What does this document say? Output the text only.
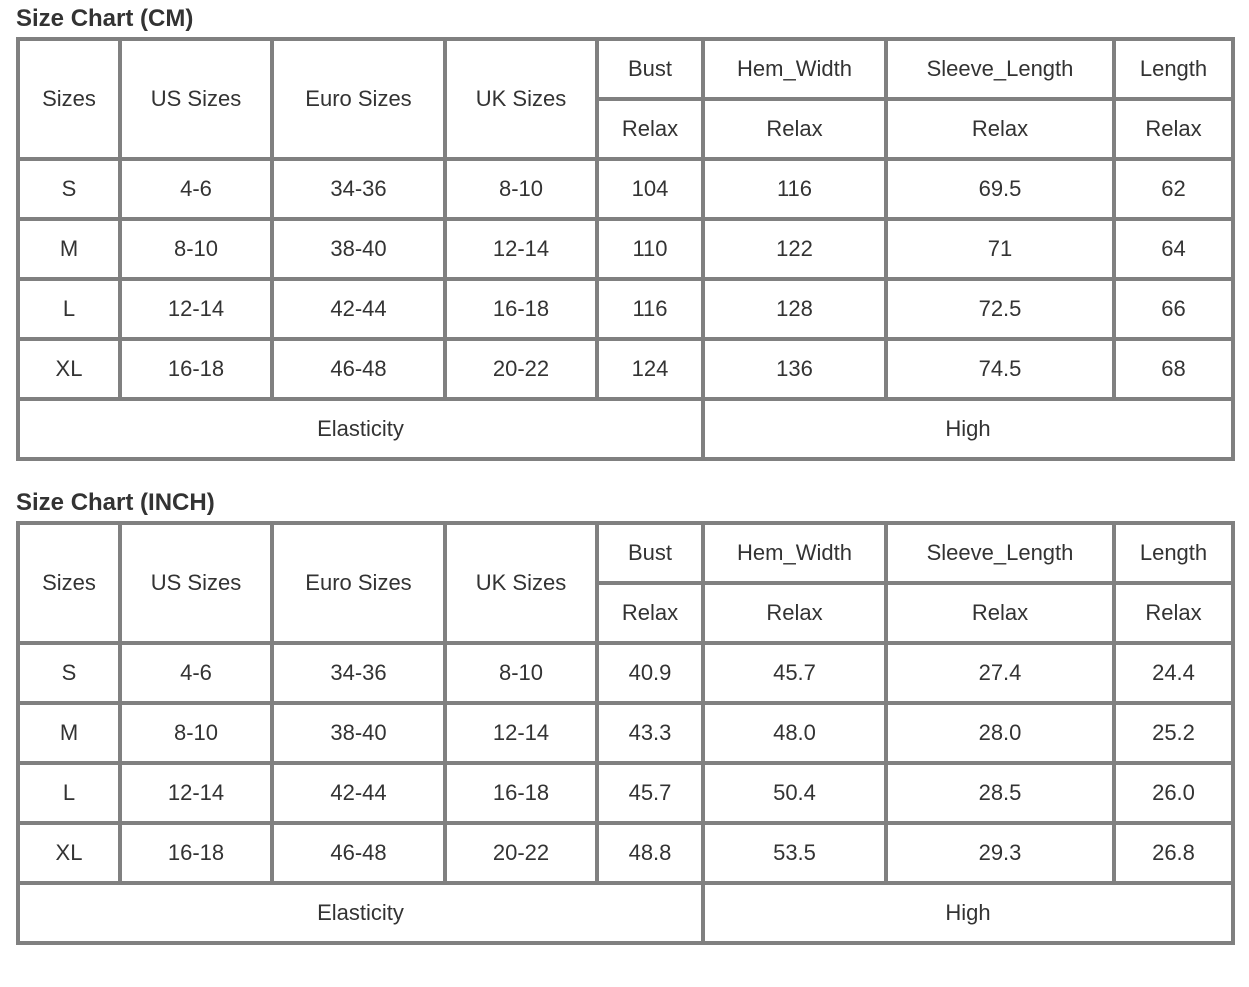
Size Chart (CM)
Sizes	US Sizes	Euro Sizes	UK Sizes	Bust	Hem_Width	Sleeve_Length	Length
				Relax	Relax	Relax	Relax
S	4-6	34-36	8-10	104	116	69.5	62
M	8-10	38-40	12-14	110	122	71	64
L	12-14	42-44	16-18	116	128	72.5	66
XL	16-18	46-48	20-22	124	136	74.5	68
Elasticity					High		
Size Chart (INCH)
Sizes	US Sizes	Euro Sizes	UK Sizes	Bust	Hem_Width	Sleeve_Length	Length
				Relax	Relax	Relax	Relax
S	4-6	34-36	8-10	40.9	45.7	27.4	24.4
M	8-10	38-40	12-14	43.3	48.0	28.0	25.2
L	12-14	42-44	16-18	45.7	50.4	28.5	26.0
XL	16-18	46-48	20-22	48.8	53.5	29.3	26.8
Elasticity					High		
